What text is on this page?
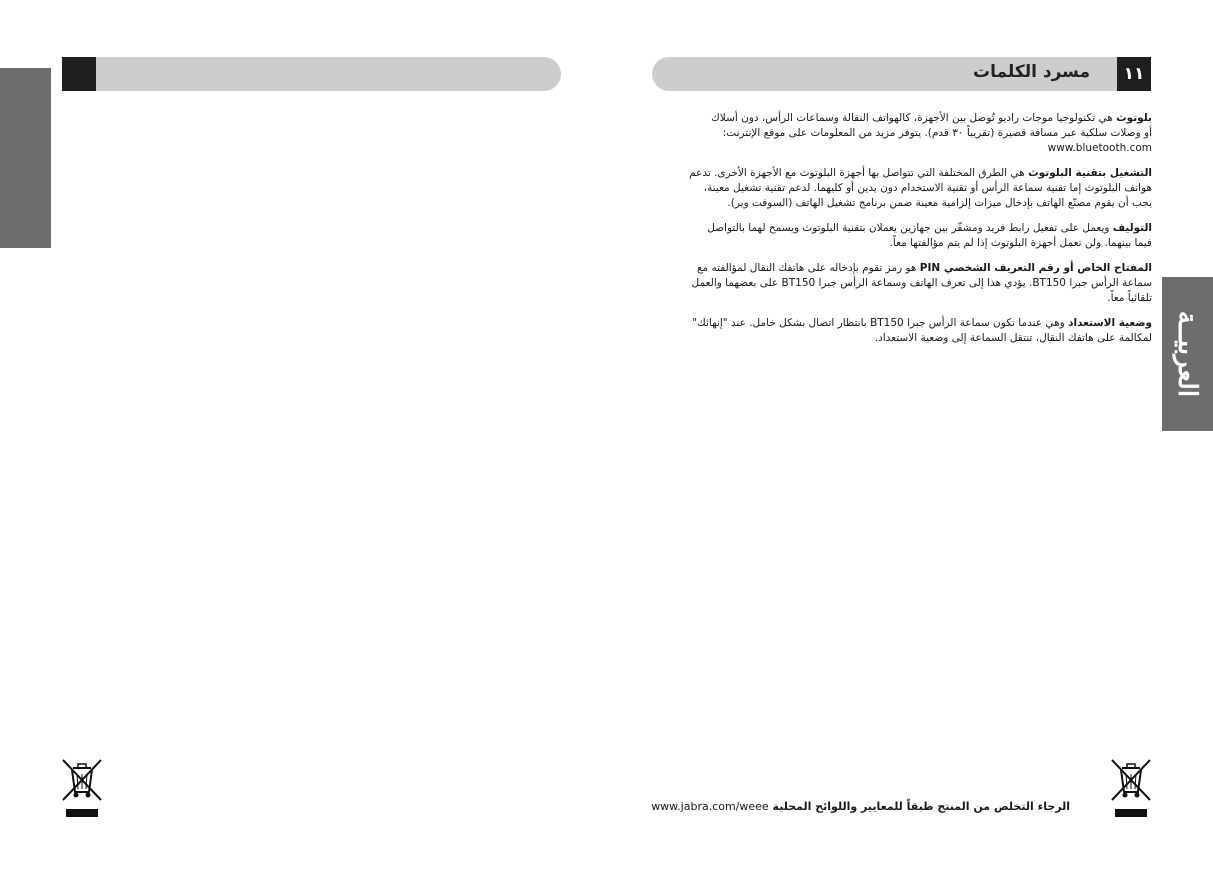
مسرد الكلمات	١١
العربيــة

بلوتوث هي تكنولوجيا موجات راديو تُوصل بين الأجهزة، كالهواتف النقالة وسماعات الرأس، دون أسلاك
أو وصلات سلكية عبر مسافة قصيرة (تقريباً ٣٠ قدم). يتوفر مزيد من المعلومات على موقع الإنترنت:
www.bluetooth.com

التشغيل بتقنية البلوتوث هي الطرق المختلفة التي تتواصل بها أجهزة البلوتوث مع الأجهزة الأخرى. تدعم
هواتف البلوتوث إما تقنية سماعة الرأس أو تقنية الاستخدام دون يدين أو كليهما. لدعم تقنية تشغيل معينة،
يجب أن يقوم مصنّع الهاتف بإدخال ميزات إلزامية معينة ضمن برنامج تشغيل الهاتف (السوفت وير).

التوليف ويعمل على تفعيل رابط فريد ومشفّر بين جهازين يعملان بتقنية البلوتوث ويسمح لهما بالتواصل
فيما بينهما. ولن تعمل أجهزة البلوتوث إذا لم يتم مؤالفتها معاً.

المفتاح الخاص أو رقم التعريف الشخصي PIN هو رمز تقوم بإدخاله على هاتفك النقال لمؤالفته مع
سماعة الرأس جبرا BT150. يؤدي هذا إلى تعرف الهاتف وسماعة الرأس جبرا BT150 على بعضهما والعمل
تلقائياً معاً.

وضعية الاستعداد وهي عندما تكون سماعة الرأس جبرا BT150 بانتظار اتصال بشكل خامل. عند "إنهائك"
لمكالمة على هاتفك النقال، تنتقل السماعة إلى وضعية الاستعداد.

الرجاء التخلص من المنتج طبقاً للمعايير واللوائح المحلية www.jabra.com/weee
